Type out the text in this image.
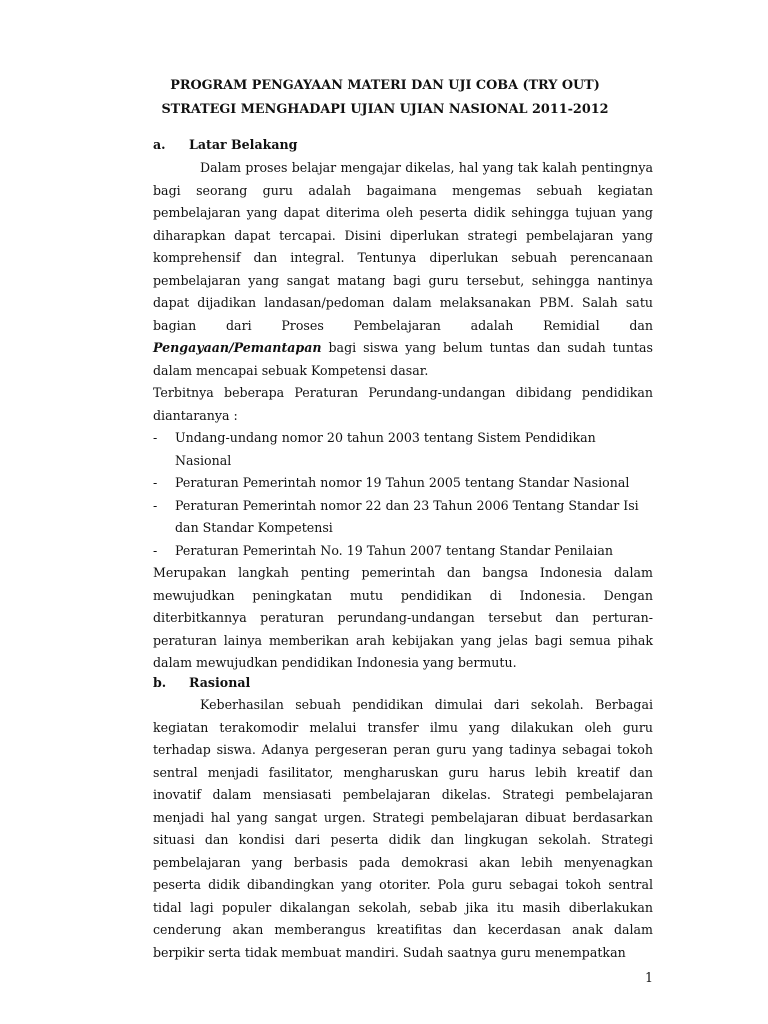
PROGRAM PENGAYAAN MATERI DAN UJI COBA (TRY OUT)
STRATEGI MENGHADAPI UJIAN UJIAN NASIONAL 2011-2012
a. Latar Belakang

Dalam proses belajar mengajar dikelas, hal yang tak kalah pentingnya bagi seorang guru adalah bagaimana mengemas sebuah kegiatan pembelajaran yang dapat diterima oleh peserta didik sehingga tujuan yang diharapkan dapat tercapai. Disini diperlukan strategi pembelajaran yang komprehensif dan integral. Tentunya diperlukan sebuah perencanaan pembelajaran yang sangat matang bagi guru tersebut, sehingga nantinya dapat dijadikan landasan/pedoman dalam melaksanakan PBM. Salah satu bagian dari Proses Pembelajaran adalah Remidial dan Pengayaan/Pemantapan bagi siswa yang belum tuntas dan sudah tuntas dalam mencapai sebuak Kompetensi dasar.

Terbitnya beberapa Peraturan Perundang-undangan dibidang pendidikan diantaranya :

- Undang-undang nomor 20 tahun 2003 tentang Sistem Pendidikan Nasional

- Peraturan Pemerintah nomor 19 Tahun 2005 tentang Standar Nasional

- Peraturan Pemerintah nomor 22 dan 23 Tahun 2006 Tentang Standar Isi dan Standar Kompetensi

- Peraturan Pemerintah No. 19 Tahun 2007 tentang Standar Penilaian

Merupakan langkah penting pemerintah dan bangsa Indonesia dalam mewujudkan peningkatan mutu pendidikan di Indonesia. Dengan diterbitkannya peraturan perundang-undangan tersebut dan perturan-peraturan lainya memberikan arah kebijakan yang jelas bagi semua pihak dalam mewujudkan pendidikan Indonesia yang bermutu.

b. Rasional

Keberhasilan sebuah pendidikan dimulai dari sekolah. Berbagai kegiatan terakomodir melalui transfer ilmu yang dilakukan oleh guru terhadap siswa. Adanya pergeseran peran guru yang tadinya sebagai tokoh sentral menjadi fasilitator, mengharuskan guru harus lebih kreatif dan inovatif dalam mensiasati pembelajaran dikelas. Strategi pembelajaran menjadi hal yang sangat urgen. Strategi pembelajaran dibuat berdasarkan situasi dan kondisi dari peserta didik dan lingkugan sekolah. Strategi pembelajaran yang berbasis pada demokrasi akan lebih menyenagkan peserta didik dibandingkan yang otoriter. Pola guru sebagai tokoh sentral tidal lagi populer dikalangan sekolah, sebab jika itu masih diberlakukan cenderung akan memberangus kreatifitas dan kecerdasan anak dalam berpikir serta tidak membuat mandiri. Sudah saatnya guru menempatkan

1
